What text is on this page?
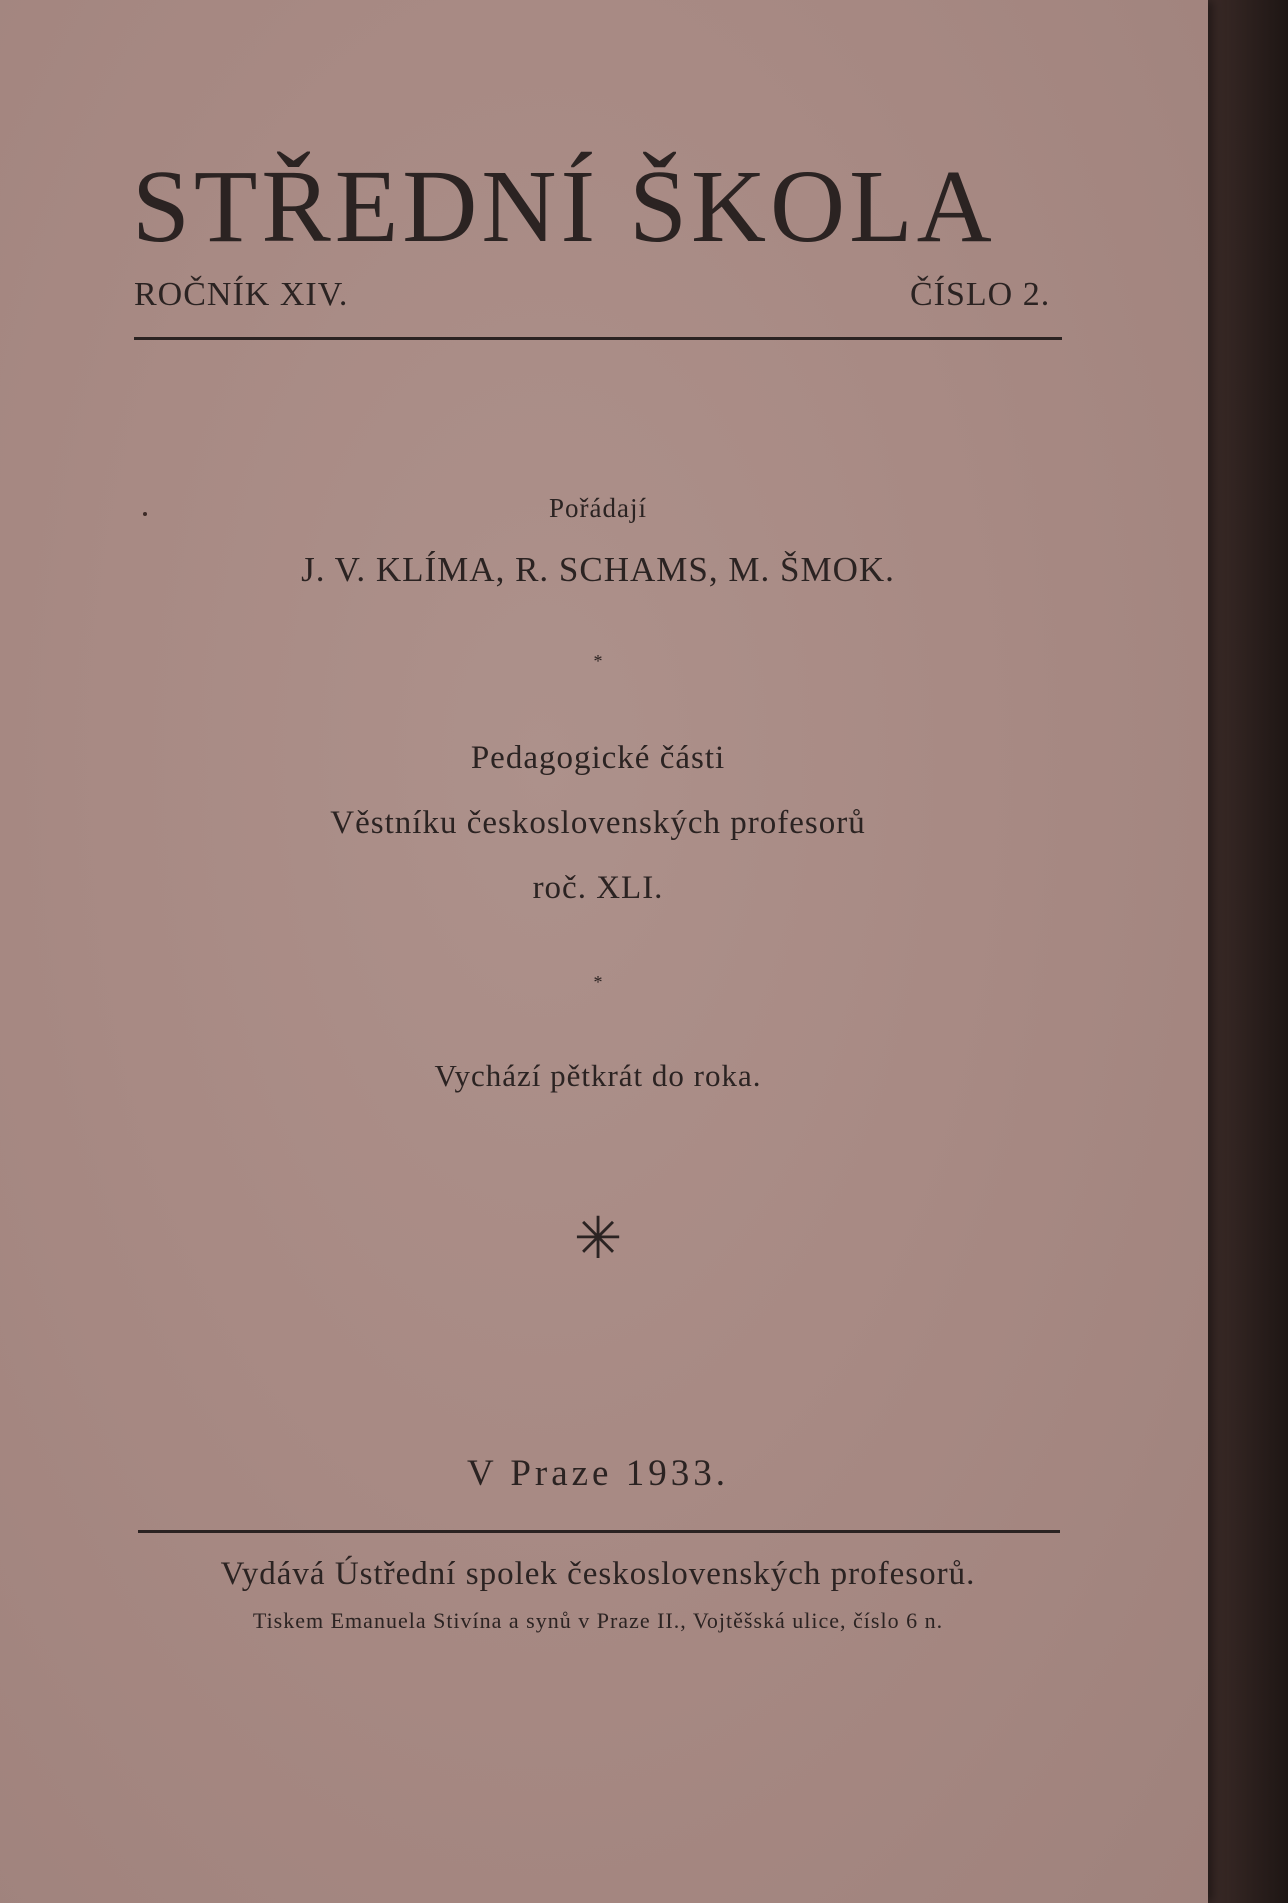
STŘEDNÍ ŠKOLA
ROČNÍK XIV.	ČÍSLO 2.
Pořádají
J. V. KLÍMA, R. SCHAMS, M. ŠMOK.
*
Pedagogické části
Věstníku československých profesorů
roč. XLI.
*
Vychází pětkrát do roka.
✳
V Praze 1933.
Vydává Ústřední spolek československých profesorů.
Tiskem Emanuela Stivína a synů v Praze II., Vojtěšská ulice, číslo 6 n.
